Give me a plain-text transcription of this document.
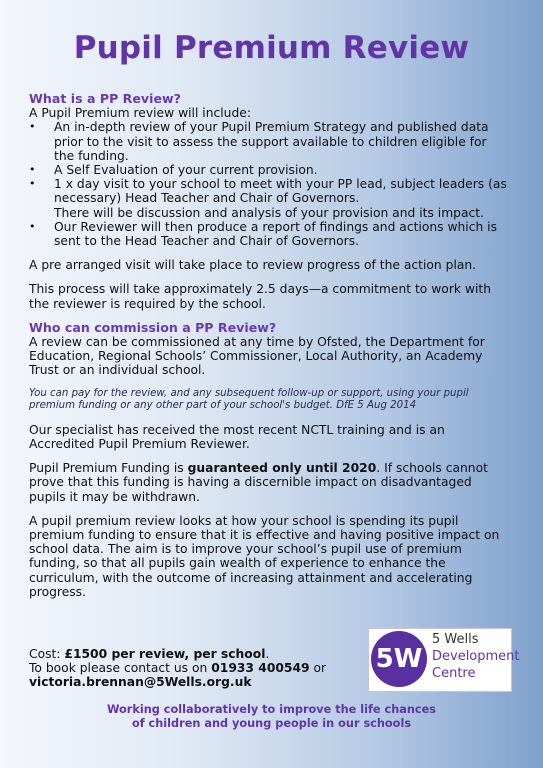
Pupil Premium Review

What is a PP Review?

A Pupil Premium review will include:

• An in-depth review of your Pupil Premium Strategy and published data prior to the visit to assess the support available to children eligible for the funding.
• A Self Evaluation of your current provision.
• 1 x day visit to your school to meet with your PP lead, subject leaders (as necessary) Head Teacher and Chair of Governors.
There will be discussion and analysis of your provision and its impact.
• Our Reviewer will then produce a report of findings and actions which is sent to the Head Teacher and Chair of Governors.

A pre arranged visit will take place to review progress of the action plan.

This process will take approximately 2.5 days—a commitment to work with the reviewer is required by the school.

Who can commission a PP Review?

A review can be commissioned at any time by Ofsted, the Department for Education, Regional Schools’ Commissioner, Local Authority, an Academy Trust or an individual school.

You can pay for the review, and any subsequent follow-up or support, using your pupil premium funding or any other part of your school's budget. DfE 5 Aug 2014

Our specialist has received the most recent NCTL training and is an Accredited Pupil Premium Reviewer.

Pupil Premium Funding is guaranteed only until 2020. If schools cannot prove that this funding is having a discernible impact on disadvantaged pupils it may be withdrawn.

A pupil premium review looks at how your school is spending its pupil premium funding to ensure that it is effective and having positive impact on school data. The aim is to improve your school’s pupil use of premium funding, so that all pupils gain wealth of experience to enhance the curriculum, with the outcome of increasing attainment and accelerating progress.

Cost: £1500 per review, per school.

To book please contact us on 01933 400549 or

victoria.brennan@5Wells.org.uk

5W
5 Wells
Development
Centre
Working collaboratively to improve the life chances
of children and young people in our schools
